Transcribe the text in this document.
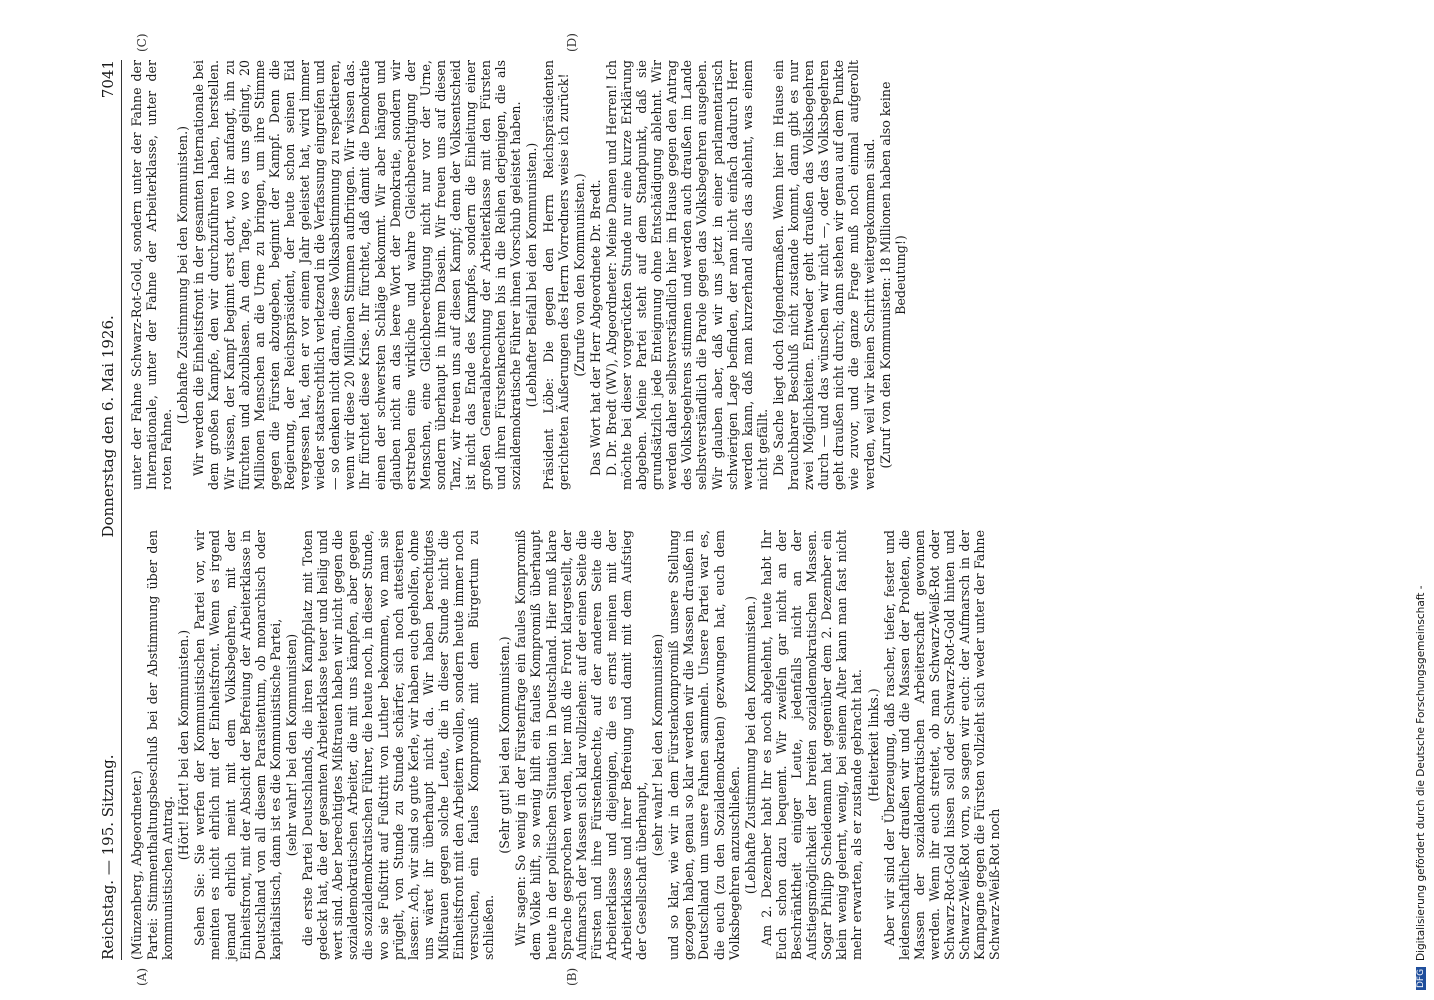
Reichstag. — 195. Sitzung.
Donnerstag den 6. Mai 1926.
7041

(Münzenberg, Abgeordneter.) Partei: Stimmenthaltungsbeschluß bei der Abstimmung über den kommunistischen Antrag.

(Hört! Hört! bei den Kommunisten.) Sehen Sie: Sie werfen der Kommunistischen Partei vor, wir meinten es nicht ehrlich mit der Einheitsfront. Wenn es irgend jemand ehrlich meint mit dem Volksbegehren, mit der Einheitsfront, mit der Absicht der Befreiung der Arbeiterklasse in Deutschland von all diesem Parasitentum, ob monarchisch oder kapitalistisch, dann ist es die Kommunistische Partei, (sehr wahr! bei den Kommunisten) die erste Partei Deutschlands, die ihren Kampfplatz mit Toten gedeckt hat, die der gesamten Arbeiterklasse teuer und heilig und wert sind. Aber berechtigtes Mißtrauen haben wir nicht gegen die sozialdemokratischen Arbeiter, die mit uns kämpfen, aber gegen die sozialdemokratischen Führer, die heute noch, in dieser Stunde, wo sie Fußtritt auf Fußtritt von Luther bekommen, wo man sie prügelt, von Stunde zu Stunde schärfer, sich noch attestieren lassen: Ach, wir sind so gute Kerle, wir haben euch geholfen, ohne uns wäret ihr überhaupt nicht da. Wir haben berechtigtes Mißtrauen gegen solche Leute, die in dieser Stunde nicht die Einheitsfront mit den Arbeitern wollen, sondern heute immer noch versuchen, ein faules Kompromiß mit dem Bürgertum zu schließen.

(Sehr gut! bei den Kommunisten.) Wir sagen: So wenig in der Fürstenfrage ein faules Kompromiß dem Volke hilft, so wenig hilft ein faules Kompromiß überhaupt heute in der politischen Situation in Deutschland. Hier muß klare Sprache gesprochen werden, hier muß die Front klargestellt, der Aufmarsch der Massen sich klar vollziehen: auf der einen Seite die Fürsten und ihre Fürstenknechte, auf der anderen Seite die Arbeiterklasse und diejenigen, die es ernst meinen mit der Arbeiterklasse und ihrer Befreiung und damit mit dem Aufstieg der Gesellschaft überhaupt,

(sehr wahr! bei den Kommunisten) und so klar, wie wir in dem Fürstenkompromiß unsere Stellung gezogen haben, genau so klar werden wir die Massen draußen in Deutschland um unsere Fahnen sammeln. Unsere Partei war es, die euch (zu den Sozialdemokraten) gezwungen hat, euch dem Volksbegehren anzuschließen. (Lebhafte Zustimmung bei den Kommunisten.) Am 2. Dezember habt Ihr es noch abgelehnt, heute habt Ihr Euch schon dazu bequemt. Wir zweifeln gar nicht an der Beschränktheit einiger Leute, jedenfalls nicht an der Aufstiegsmöglichkeit der breiten sozialdemokratischen Massen. Sogar Philipp Scheidemann hat gegenüber dem 2. Dezember ein klein wenig gelernt, wenig, bei seinem Alter kann man fast nicht mehr erwarten, als er zustande gebracht hat. (Heiterkeit links.) Aber wir sind der Überzeugung, daß rascher, tiefer, fester und leidenschaftlicher draußen wir und die Massen der Proleten, die Massen der sozialdemokratischen Arbeiterschaft gewonnen werden. Wenn ihr euch streitet, ob man Schwarz-Weiß-Rot oder Schwarz-Rot-Gold hissen soll oder Schwarz-Rot-Gold hinten und Schwarz-Weiß-Rot vorn, so sagen wir euch: der Aufmarsch in der Kampagne gegen die Fürsten vollzieht sich weder unter der Fahne Schwarz-Weiß-Rot noch

unter der Fahne Schwarz-Rot-Gold, sondern unter der Fahne der Internationale, unter der Fahne der Arbeiterklasse, unter der roten Fahne.

(Lebhafte Zustimmung bei den Kommunisten.) Wir werden die Einheitsfront in der gesamten Internationale bei dem großen Kampfe, den wir durchzuführen haben, herstellen. Wir wissen, der Kampf beginnt erst dort, wo ihr anfangt, ihn zu fürchten und abzublasen. An dem Tage, wo es uns gelingt, 20 Millionen Menschen an die Urne zu bringen, um ihre Stimme gegen die Fürsten abzugeben, beginnt der Kampf. Denn die Regierung, der Reichspräsident, der heute schon seinen Eid vergessen hat, den er vor einem Jahr geleistet hat, wird immer wieder staatsrechtlich verletzend in die Verfassung eingreifen und — so denken nicht daran, diese Volksabstimmung zu respektieren, wenn wir diese 20 Millionen Stimmen aufbringen. Wir wissen das. Ihr fürchtet diese Krise. Ihr fürchtet, daß damit die Demokratie einen der schwersten Schläge bekommt. Wir aber hängen und glauben nicht an das leere Wort der Demokratie, sondern wir erstreben eine wirkliche und wahre Gleichberechtigung der Menschen, eine Gleichberechtigung nicht nur vor der Urne, sondern überhaupt in ihrem Dasein. Wir freuen uns auf diesen Tanz, wir freuen uns auf diesen Kampf; denn der Volksentscheid ist nicht das Ende des Kampfes, sondern die Einleitung einer großen Generalabrechnung der Arbeiterklasse mit den Fürsten und ihren Fürstenknechten bis in die Reihen derjenigen, die als sozialdemokratische Führer ihnen Vorschub geleistet haben. (Lebhafter Beifall bei den Kommunisten.) Präsident Löbe: Die gegen den Herrn Reichspräsidenten gerichteten Äußerungen des Herrn Vorredners weise ich zurück! (Zurufe von den Kommunisten.) Das Wort hat der Herr Abgeordnete Dr. Bredt. D. Dr. Bredt (WV), Abgeordneter: Meine Damen und Herren! Ich möchte bei dieser vorgerückten Stunde nur eine kurze Erklärung abgeben. Meine Partei steht auf dem Standpunkt, daß sie grundsätzlich jede Enteignung ohne Entschädigung ablehnt. Wir werden daher selbstverständlich hier im Hause gegen den Antrag des Volksbegehrens stimmen und werden auch draußen im Lande selbstverständlich die Parole gegen das Volksbegehren ausgeben. Wir glauben aber, daß wir uns jetzt in einer parlamentarisch schwierigen Lage befinden, der man nicht einfach dadurch Herr werden kann, daß man kurzerhand alles das ablehnt, was einem nicht gefällt. Die Sache liegt doch folgendermaßen. Wenn hier im Hause ein brauchbarer Beschluß nicht zustande kommt, dann gibt es nur zwei Möglichkeiten. Entweder geht draußen das Volksbegehren durch — und das wünschen wir nicht —, oder das Volksbegehren geht draußen nicht durch; dann stehen wir genau auf dem Punkte wie zuvor, und die ganze Frage muß noch einmal aufgerollt werden, weil wir keinen Schritt weitergekommen sind. (Zuruf von den Kommunisten: 18 Millionen haben also keine Bedeutung!)

(A)	(B)
(C)	(D)
DFG
Digitalisierung gefördert durch die Deutsche Forschungsgemeinschaft -
